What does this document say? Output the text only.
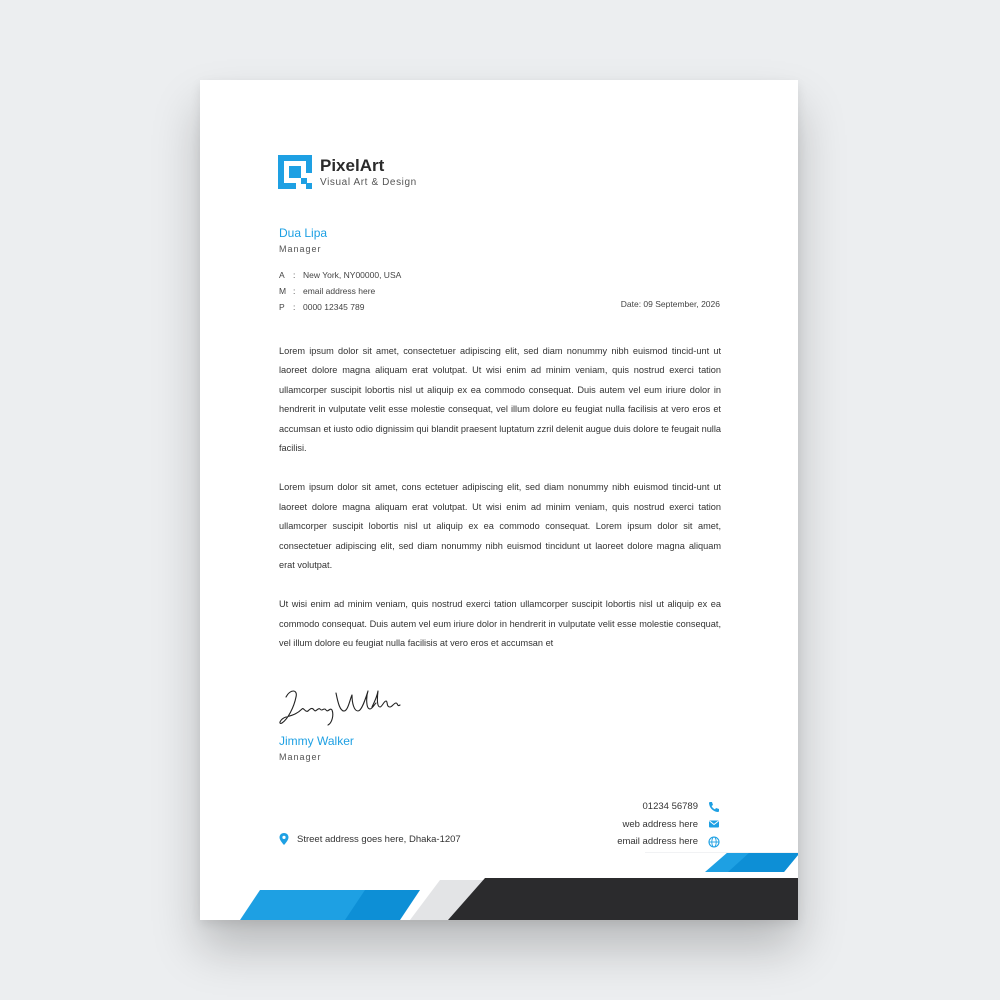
PixelArt
Visual Art & Design
Dua Lipa
Manager
A : New York, NY00000, USA
M : email address here
P : 0000 12345 789	Date: 09 September, 2026

Lorem ipsum dolor sit amet, consectetuer adipiscing elit, sed diam nonummy nibh euismod tincid-unt ut laoreet dolore magna aliquam erat volutpat. Ut wisi enim ad minim veniam, quis nostrud exerci tation ullamcorper suscipit lobortis nisl ut aliquip ex ea commodo consequat. Duis autem vel eum iriure dolor in hendrerit in vulputate velit esse molestie consequat, vel illum dolore eu feugiat nulla facilisis at vero eros et accumsan et iusto odio dignissim qui blandit praesent luptatum zzril delenit augue duis dolore te feugait nulla facilisi.

Lorem ipsum dolor sit amet, cons ectetuer adipiscing elit, sed diam nonummy nibh euismod tincid-unt ut laoreet dolore magna aliquam erat volutpat. Ut wisi enim ad minim veniam, quis nostrud exerci tation ullamcorper suscipit lobortis nisl ut aliquip ex ea commodo consequat. Lorem ipsum dolor sit amet, consectetuer adipiscing elit, sed diam nonummy nibh euismod tincidunt ut laoreet dolore magna aliquam erat volutpat.

Ut wisi enim ad minim veniam, quis nostrud exerci tation ullamcorper suscipit lobortis nisl ut aliquip ex ea commodo consequat. Duis autem vel eum iriure dolor in hendrerit in vulputate velit esse molestie consequat, vel illum dolore eu feugiat nulla facilisis at vero eros et accumsan et

Jimmy Walker
Manager
01234 56789
web address here
email address here
Street address goes here, Dhaka-1207
